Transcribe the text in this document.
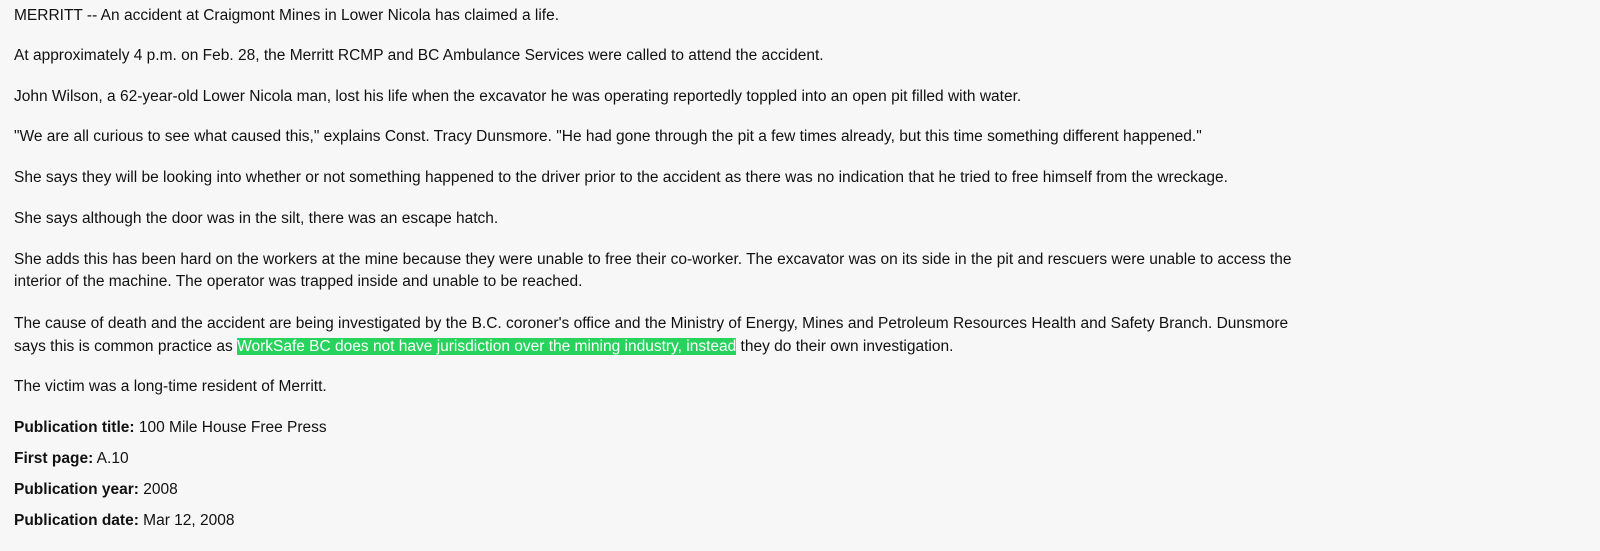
MERRITT -- An accident at Craigmont Mines in Lower Nicola has claimed a life.
At approximately 4 p.m. on Feb. 28, the Merritt RCMP and BC Ambulance Services were called to attend the accident.
John Wilson, a 62-year-old Lower Nicola man, lost his life when the excavator he was operating reportedly toppled into an open pit filled with water.
"We are all curious to see what caused this," explains Const. Tracy Dunsmore. "He had gone through the pit a few times already, but this time something different happened."
She says they will be looking into whether or not something happened to the driver prior to the accident as there was no indication that he tried to free himself from the wreckage.
She says although the door was in the silt, there was an escape hatch.
She adds this has been hard on the workers at the mine because they were unable to free their co-worker. The excavator was on its side in the pit and rescuers were unable to access the
interior of the machine. The operator was trapped inside and unable to be reached.
The cause of death and the accident are being investigated by the B.C. coroner's office and the Ministry of Energy, Mines and Petroleum Resources Health and Safety Branch. Dunsmore
says this is common practice as WorkSafe BC does not have jurisdiction over the mining industry, instead they do their own investigation.
The victim was a long-time resident of Merritt.
Publication title: 100 Mile House Free Press
First page: A.10
Publication year: 2008
Publication date: Mar 12, 2008
